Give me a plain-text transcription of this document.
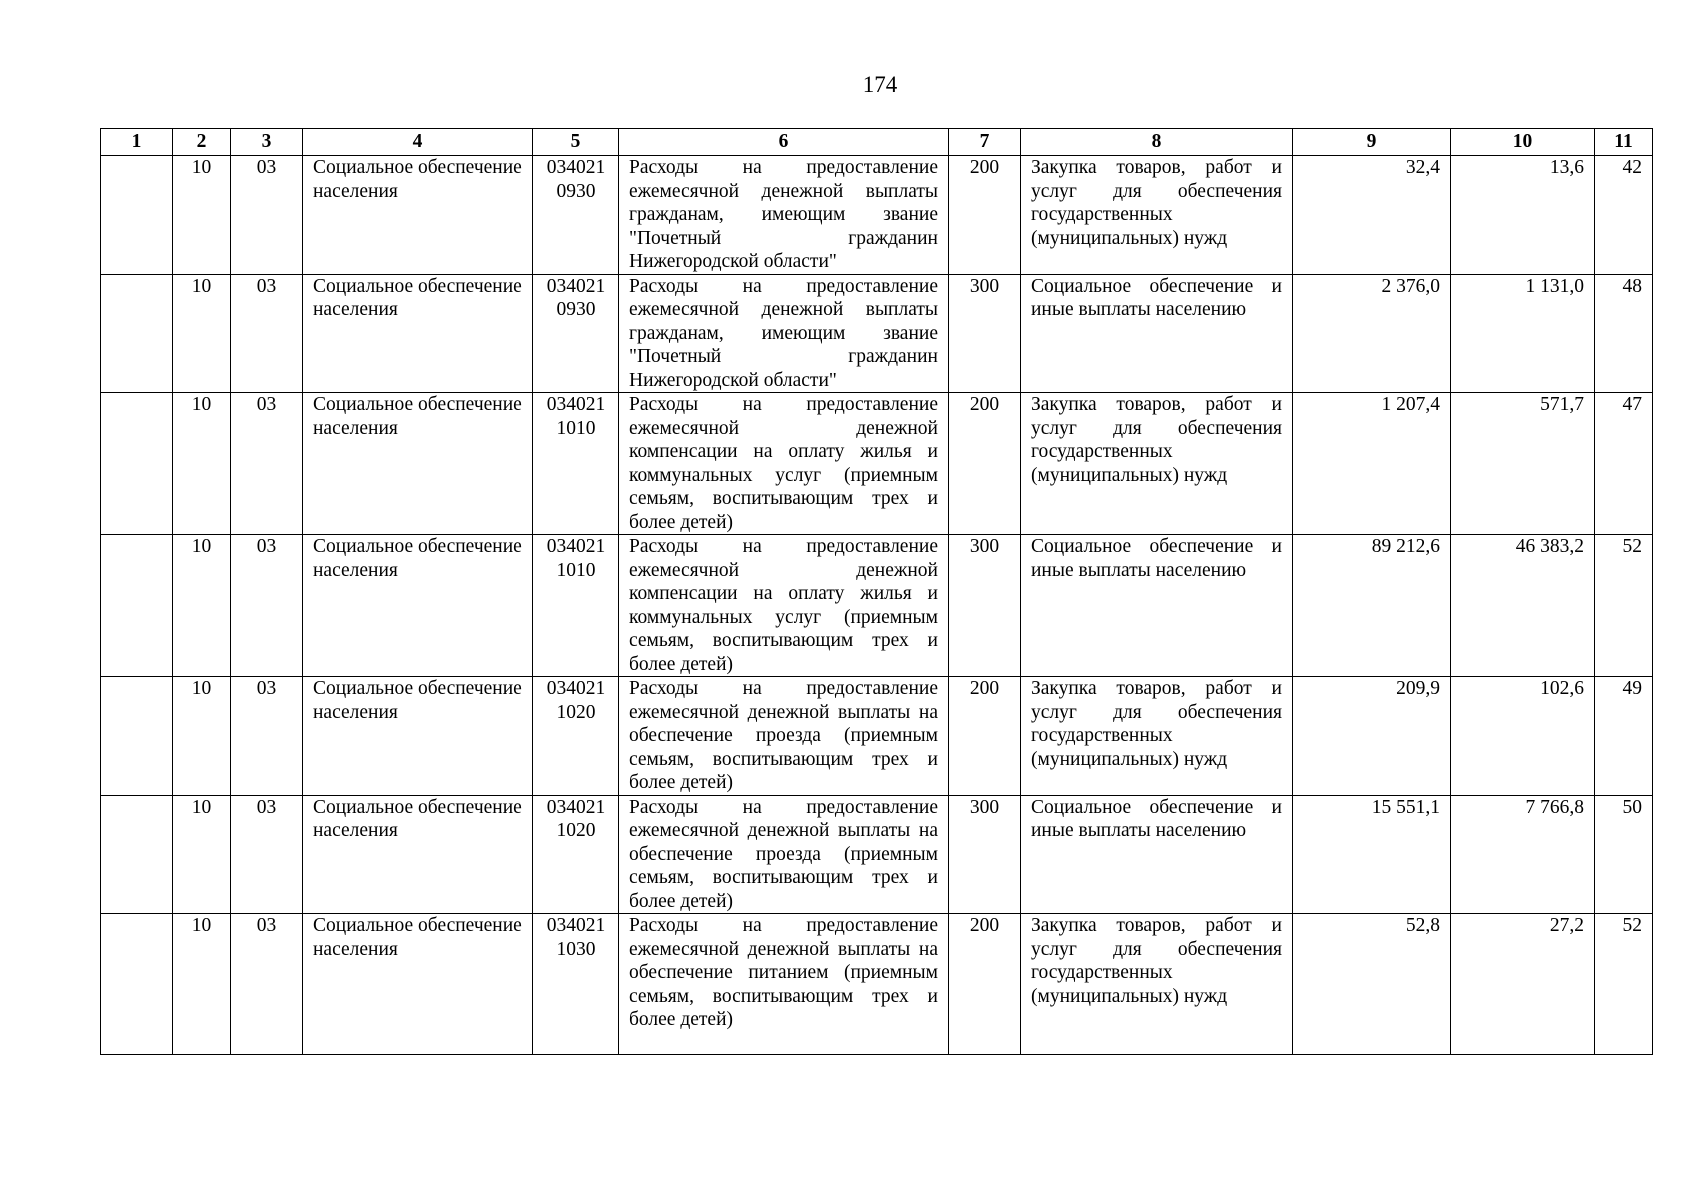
174
1	2	3	4	5	6	7	8	9	10	11
	10	03	Социальное обеспечение населения	0340210930	Расходы на предоставление ежемесячной денежной выплаты гражданам, имеющим звание "Почетный гражданин Нижегородской области"	200	Закупка товаров, работ и услуг для обеспечения государственных (муниципальных) нужд	32,4	13,6	42
	10	03	Социальное обеспечение населения	0340210930	Расходы на предоставление ежемесячной денежной выплаты гражданам, имеющим звание "Почетный гражданин Нижегородской области"	300	Социальное обеспечение и иные выплаты населению	2 376,0	1 131,0	48
	10	03	Социальное обеспечение населения	0340211010	Расходы на предоставление ежемесячной денежной компенсации на оплату жилья и коммунальных услуг (приемным семьям, воспитывающим трех и более детей)	200	Закупка товаров, работ и услуг для обеспечения государственных (муниципальных) нужд	1 207,4	571,7	47
	10	03	Социальное обеспечение населения	0340211010	Расходы на предоставление ежемесячной денежной компенсации на оплату жилья и коммунальных услуг (приемным семьям, воспитывающим трех и более детей)	300	Социальное обеспечение и иные выплаты населению	89 212,6	46 383,2	52
	10	03	Социальное обеспечение населения	0340211020	Расходы на предоставление ежемесячной денежной выплаты на обеспечение проезда (приемным семьям, воспитывающим трех и более детей)	200	Закупка товаров, работ и услуг для обеспечения государственных (муниципальных) нужд	209,9	102,6	49
	10	03	Социальное обеспечение населения	0340211020	Расходы на предоставление ежемесячной денежной выплаты на обеспечение проезда (приемным семьям, воспитывающим трех и более детей)	300	Социальное обеспечение и иные выплаты населению	15 551,1	7 766,8	50
	10	03	Социальное обеспечение населения	0340211030	Расходы на предоставление ежемесячной денежной выплаты на обеспечение питанием (приемным семьям, воспитывающим трех и более детей)	200	Закупка товаров, работ и услуг для обеспечения государственных (муниципальных) нужд	52,8	27,2	52
